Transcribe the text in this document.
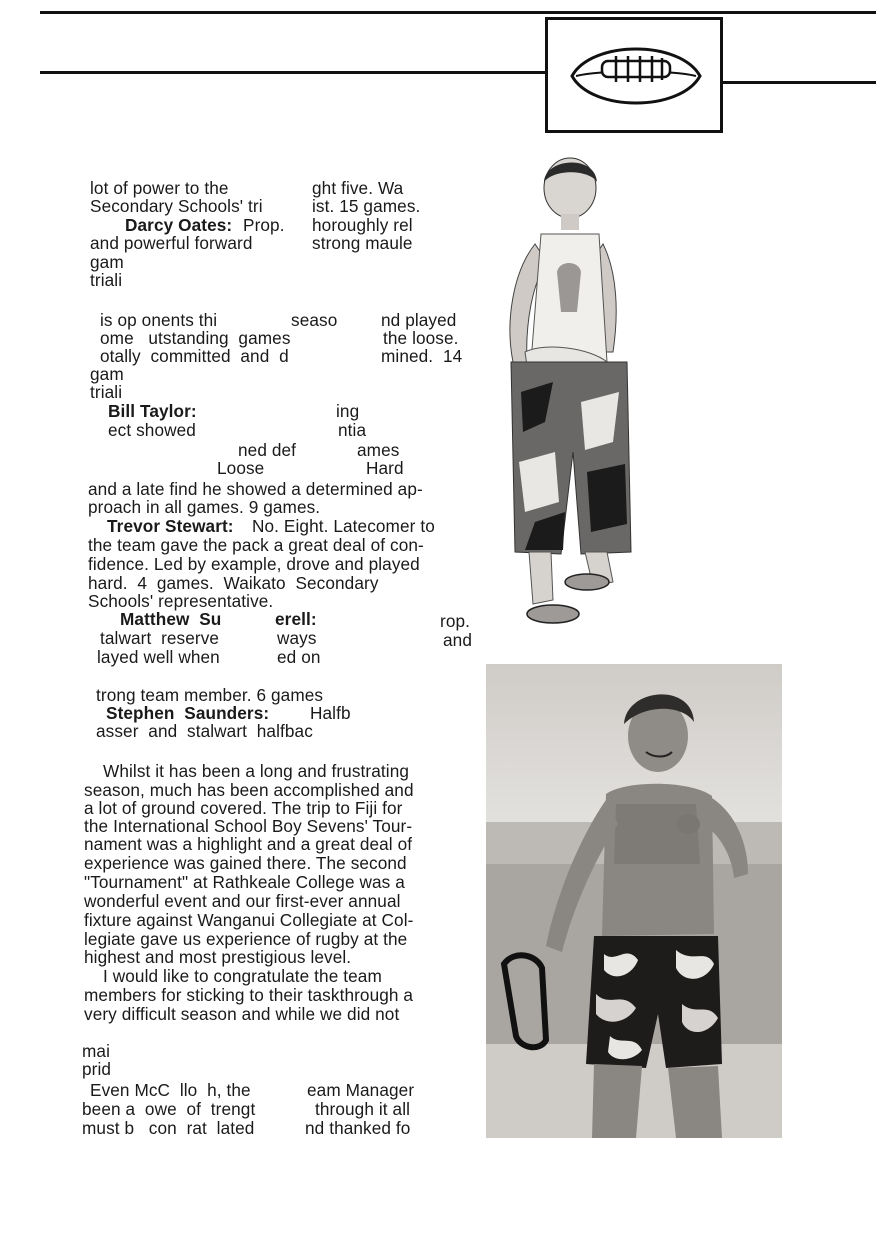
lot of power to the	ght five. Wa
Secondary Schools' tri	ist. 15 games.
Darcy Oates: Prop. horoughly rel
and powerful forward	strong maule
gam
triali
is op onents thi	seaso	nd played
ome   utstanding  games	the loose.
otally  committed  and  d	mined.  14
gam
triali
Bill Taylor:	ing
ect showed	ntia
ned def	ames
Loose	Hard
and a late find he showed a determined ap-
proach in all games. 9 games.
Trevor Stewart: No. Eight. Latecomer to
the team gave the pack a great deal of con-
fidence. Led by example, drove and played
hard.  4  games.  Waikato  Secondary
Schools' representative.
Matthew  Su	erell:	rop.
talwart  reserve	ways	and
layed well when	ed on
trong team member. 6 games
Stephen  Saunders: Halfb
asser  and  stalwart  halfbac
Whilst it has been a long and frustrating
season, much has been accomplished and
a lot of ground covered. The trip to Fiji for
the International School Boy Sevens' Tour-
nament was a highlight and a great deal of
experience was gained there. The second
"Tournament" at Rathkeale College was a
wonderful event and our first-ever annual
fixture against Wanganui Collegiate at Col-
legiate gave us experience of rugby at the
highest and most prestigious level.
I would like to congratulate the team
members for sticking to their taskthrough a
very difficult season and while we did not
mai
prid
Even McC  llo  h, the	eam Manager
been a  owe  of  trengt	through it all
must b   con  rat  lated	nd thanked fo
